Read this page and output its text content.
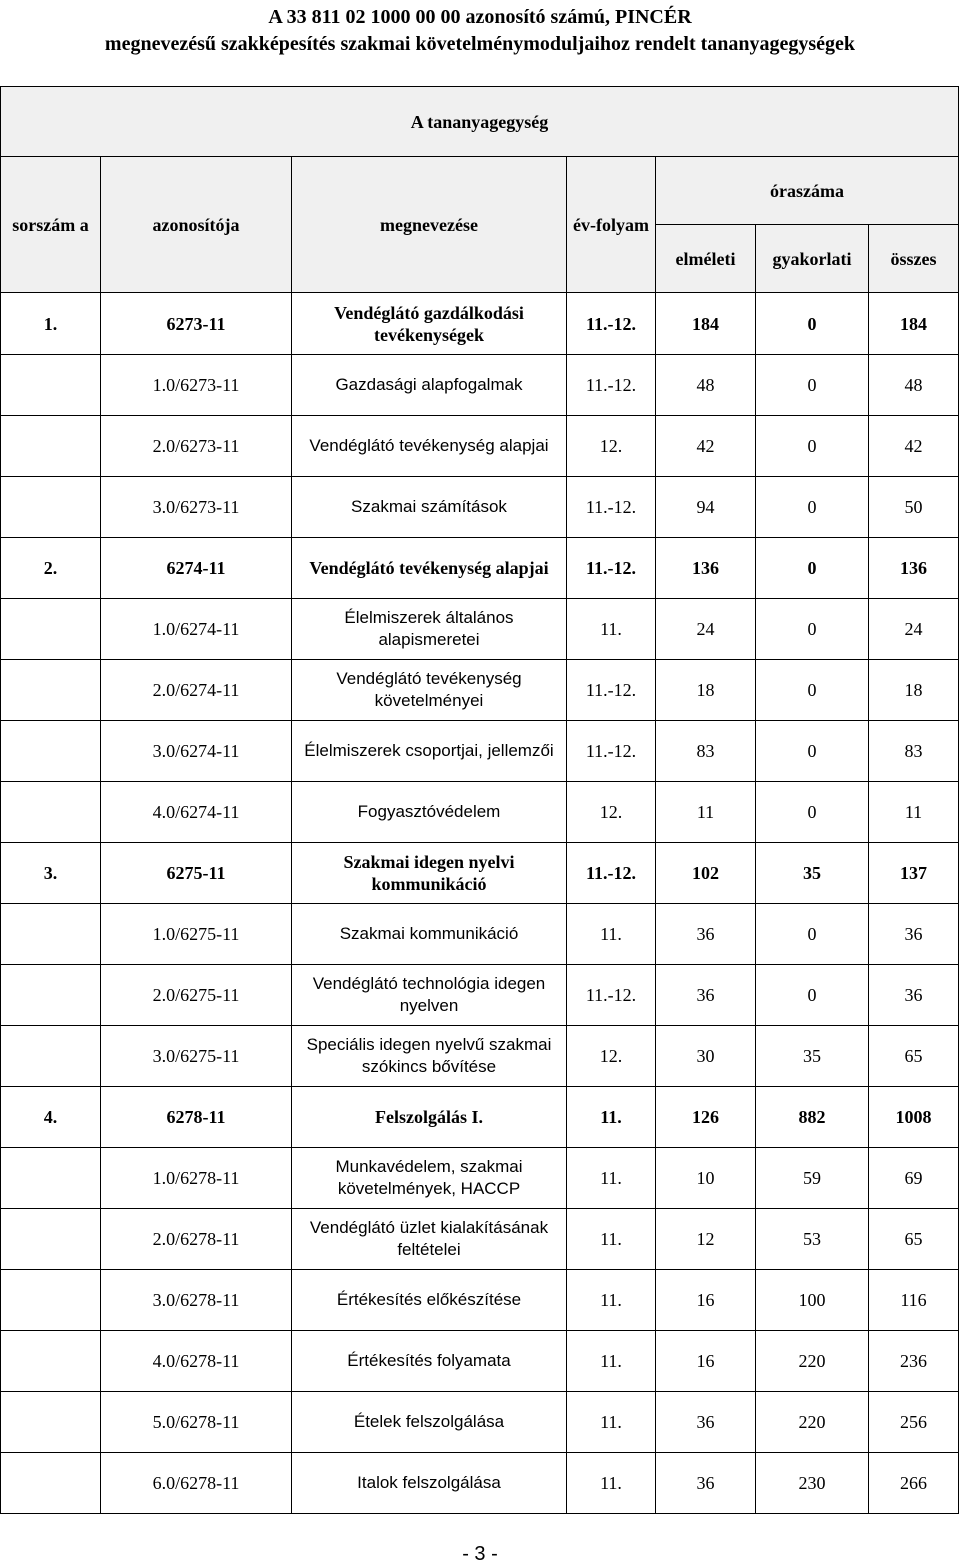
A 33 811 02 1000 00 00 azonosító számú, PINCÉR
megnevezésű szakképesítés szakmai követelménymoduljaihoz rendelt tananyagegységek
A tananyagegység						
sorszám a	azonosítója	megnevezése	év-folyam	óraszáma		
				elméleti	gyakorlati	összes
1.	6273-11	Vendéglátó gazdálkodási tevékenységek	11.-12.	184	0	184
	1.0/6273-11	Gazdasági alapfogalmak	11.-12.	48	0	48
	2.0/6273-11	Vendéglátó tevékenység alapjai	12.	42	0	42
	3.0/6273-11	Szakmai számítások	11.-12.	94	0	50
2.	6274-11	Vendéglátó tevékenység alapjai	11.-12.	136	0	136
	1.0/6274-11	Élelmiszerek általános alapismeretei	11.	24	0	24
	2.0/6274-11	Vendéglátó tevékenység követelményei	11.-12.	18	0	18
	3.0/6274-11	Élelmiszerek csoportjai, jellemzői	11.-12.	83	0	83
	4.0/6274-11	Fogyasztóvédelem	12.	11	0	11
3.	6275-11	Szakmai idegen nyelvi kommunikáció	11.-12.	102	35	137
	1.0/6275-11	Szakmai kommunikáció	11.	36	0	36
	2.0/6275-11	Vendéglátó technológia idegen nyelven	11.-12.	36	0	36
	3.0/6275-11	Speciális idegen nyelvű szakmai szókincs bővítése	12.	30	35	65
4.	6278-11	Felszolgálás I.	11.	126	882	1008
	1.0/6278-11	Munkavédelem, szakmai követelmények, HACCP	11.	10	59	69
	2.0/6278-11	Vendéglátó üzlet kialakításának feltételei	11.	12	53	65
	3.0/6278-11	Értékesítés előkészítése	11.	16	100	116
	4.0/6278-11	Értékesítés folyamata	11.	16	220	236
	5.0/6278-11	Ételek felszolgálása	11.	36	220	256
	6.0/6278-11	Italok felszolgálása	11.	36	230	266
- 3 -
